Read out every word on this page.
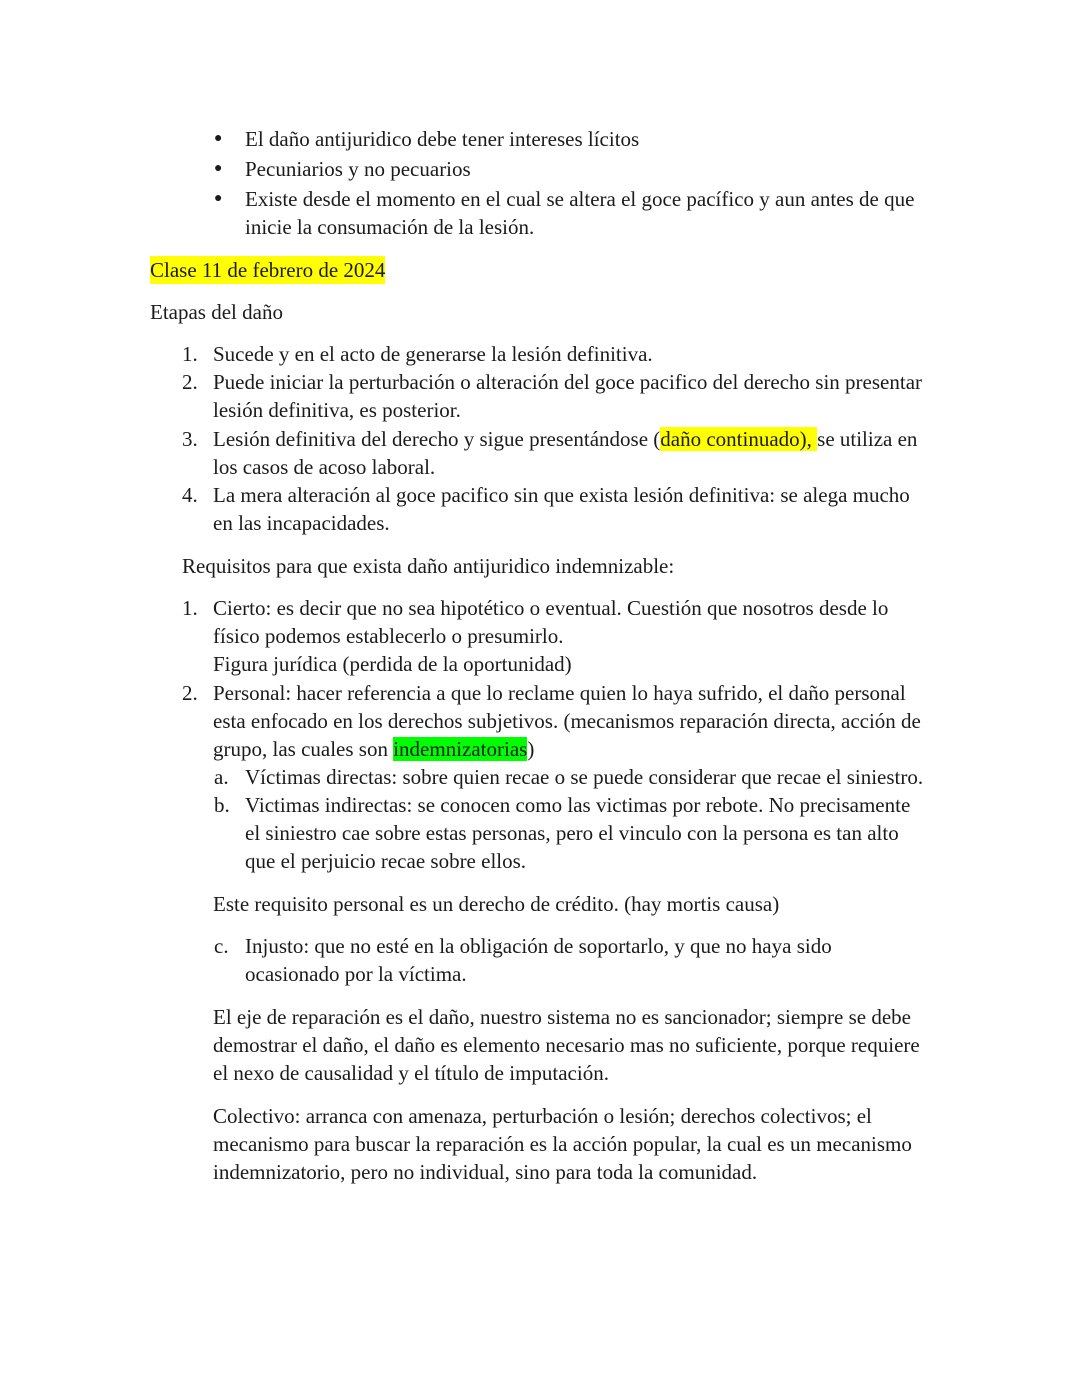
● El daño antijuridico debe tener intereses lícitos
● Pecuniarios y no pecuarios
● Existe desde el momento en el cual se altera el goce pacífico y aun antes de que
inicie la consumación de la lesión.
Clase 11 de febrero de 2024
Etapas del daño
1. Sucede y en el acto de generarse la lesión definitiva.
2. Puede iniciar la perturbación o alteración del goce pacifico del derecho sin presentar
lesión definitiva, es posterior.
3. Lesión definitiva del derecho y sigue presentándose (daño continuado), se utiliza en
los casos de acoso laboral.
4. La mera alteración al goce pacifico sin que exista lesión definitiva: se alega mucho
en las incapacidades.
Requisitos para que exista daño antijuridico indemnizable:
1. Cierto: es decir que no sea hipotético o eventual. Cuestión que nosotros desde lo
físico podemos establecerlo o presumirlo.
Figura jurídica (perdida de la oportunidad)
2. Personal: hacer referencia a que lo reclame quien lo haya sufrido, el daño personal
esta enfocado en los derechos subjetivos. (mecanismos reparación directa, acción de
grupo, las cuales son indemnizatorias)
a. Víctimas directas: sobre quien recae o se puede considerar que recae el siniestro.
b. Victimas indirectas: se conocen como las victimas por rebote. No precisamente
el siniestro cae sobre estas personas, pero el vinculo con la persona es tan alto
que el perjuicio recae sobre ellos.
Este requisito personal es un derecho de crédito. (hay mortis causa)
c. Injusto: que no esté en la obligación de soportarlo, y que no haya sido
ocasionado por la víctima.
El eje de reparación es el daño, nuestro sistema no es sancionador; siempre se debe
demostrar el daño, el daño es elemento necesario mas no suficiente, porque requiere
el nexo de causalidad y el título de imputación.
Colectivo: arranca con amenaza, perturbación o lesión; derechos colectivos; el
mecanismo para buscar la reparación es la acción popular, la cual es un mecanismo
indemnizatorio, pero no individual, sino para toda la comunidad.
